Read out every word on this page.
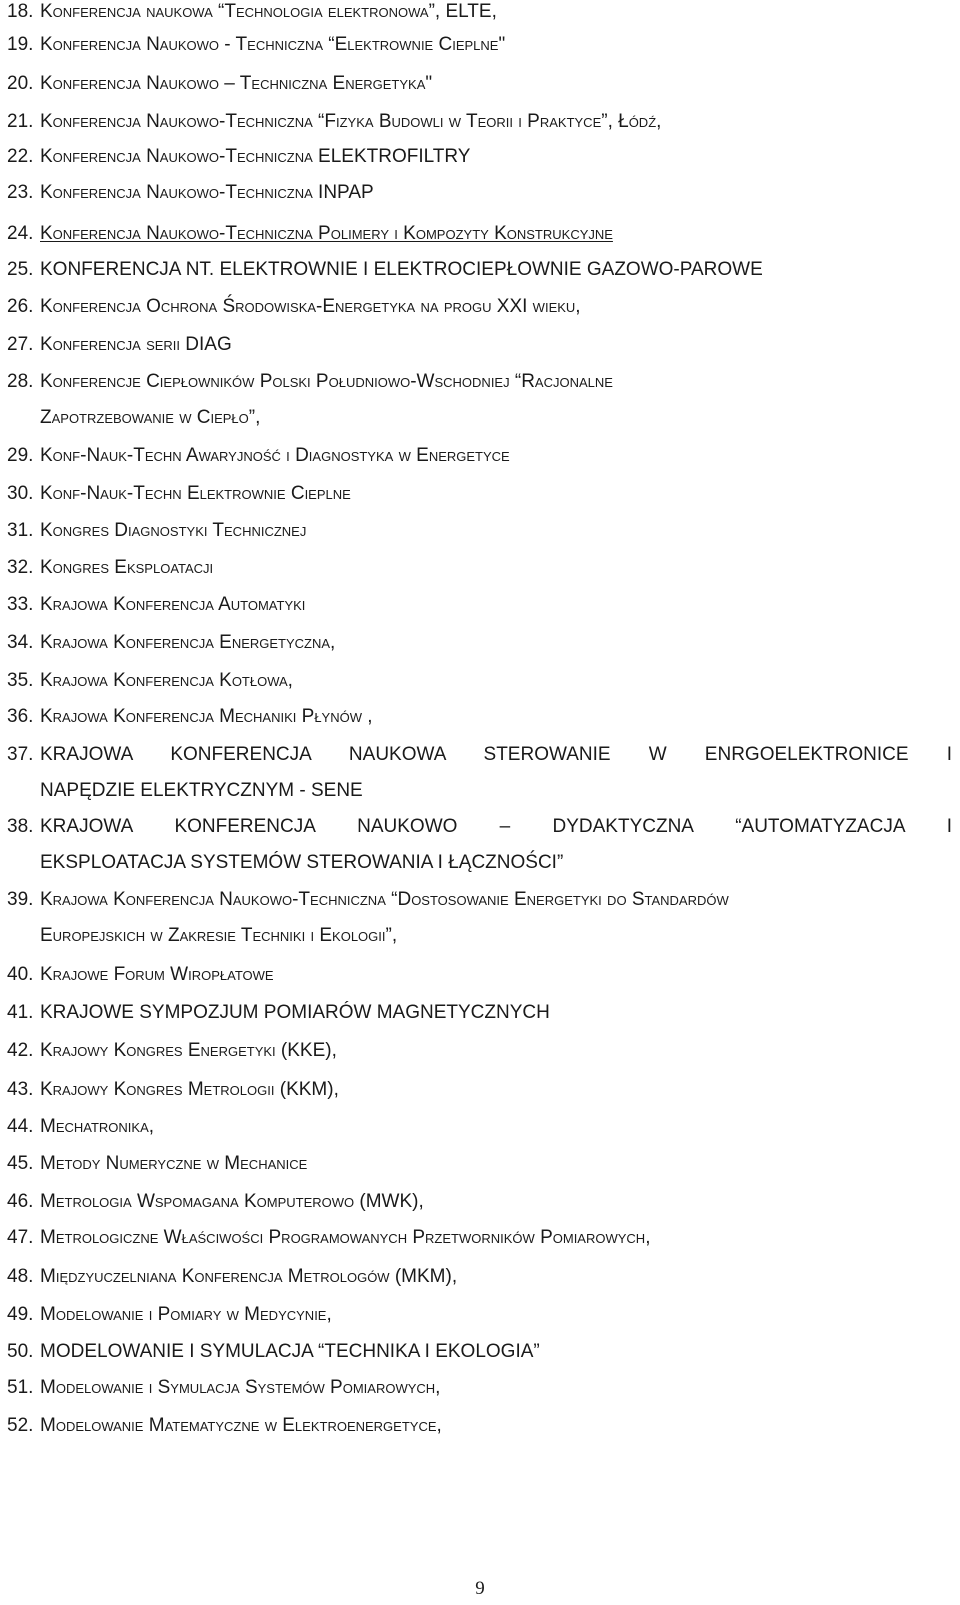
18. Konferencja naukowa “Technologia elektronowa”, ELTE,
19. Konferencja Naukowo - Techniczna “Elektrownie Cieplne"
20. Konferencja Naukowo – Techniczna Energetyka"
21. Konferencja Naukowo-Techniczna “Fizyka Budowli w Teorii i Praktyce”, Łódź,
22. Konferencja Naukowo-Techniczna ELEKTROFILTRY
23. Konferencja Naukowo-Techniczna INPAP
24. Konferencja Naukowo-Techniczna Polimery i Kompozyty Konstrukcyjne
25. KONFERENCJA NT. ELEKTROWNIE I ELEKTROCIEPŁOWNIE GAZOWO-PAROWE
26. Konferencja Ochrona Środowiska-Energetyka na progu XXI wieku,
27. Konferencja serii DIAG
28. Konferencje Ciepłowników Polski Południowo-Wschodniej “Racjonalne
Zapotrzebowanie w Ciepło”,
29. Konf-Nauk-Techn Awaryjność i Diagnostyka w Energetyce
30. Konf-Nauk-Techn Elektrownie Cieplne
31. Kongres Diagnostyki Technicznej
32. Kongres Eksploatacji
33. Krajowa Konferencja Automatyki
34. Krajowa Konferencja Energetyczna,
35. Krajowa Konferencja Kotłowa,
36. Krajowa Konferencja Mechaniki Płynów ,
37. KRAJOWA KONFERENCJA NAUKOWA STEROWANIE W ENRGOELEKTRONICE I
NAPĘDZIE ELEKTRYCZNYM - SENE
38. KRAJOWA KONFERENCJA NAUKOWO – DYDAKTYCZNA “AUTOMATYZACJA I
EKSPLOATACJA SYSTEMÓW STEROWANIA I ŁĄCZNOŚCI”
39. Krajowa Konferencja Naukowo-Techniczna “Dostosowanie Energetyki do Standardów
Europejskich w Zakresie Techniki i Ekologii”,
40. Krajowe Forum Wiropłatowe
41. KRAJOWE SYMPOZJUM POMIARÓW MAGNETYCZNYCH
42. Krajowy Kongres Energetyki (KKE),
43. Krajowy Kongres Metrologii (KKM),
44. Mechatronika,
45. Metody Numeryczne w Mechanice
46. Metrologia Wspomagana Komputerowo (MWK),
47. Metrologiczne Właściwości Programowanych Przetworników Pomiarowych,
48. Międzyuczelniana Konferencja Metrologów (MKM),
49. Modelowanie i Pomiary w Medycynie,
50. MODELOWANIE I SYMULACJA “TECHNIKA I EKOLOGIA”
51. Modelowanie i Symulacja Systemów Pomiarowych,
52. Modelowanie Matematyczne w Elektroenergetyce,
9
